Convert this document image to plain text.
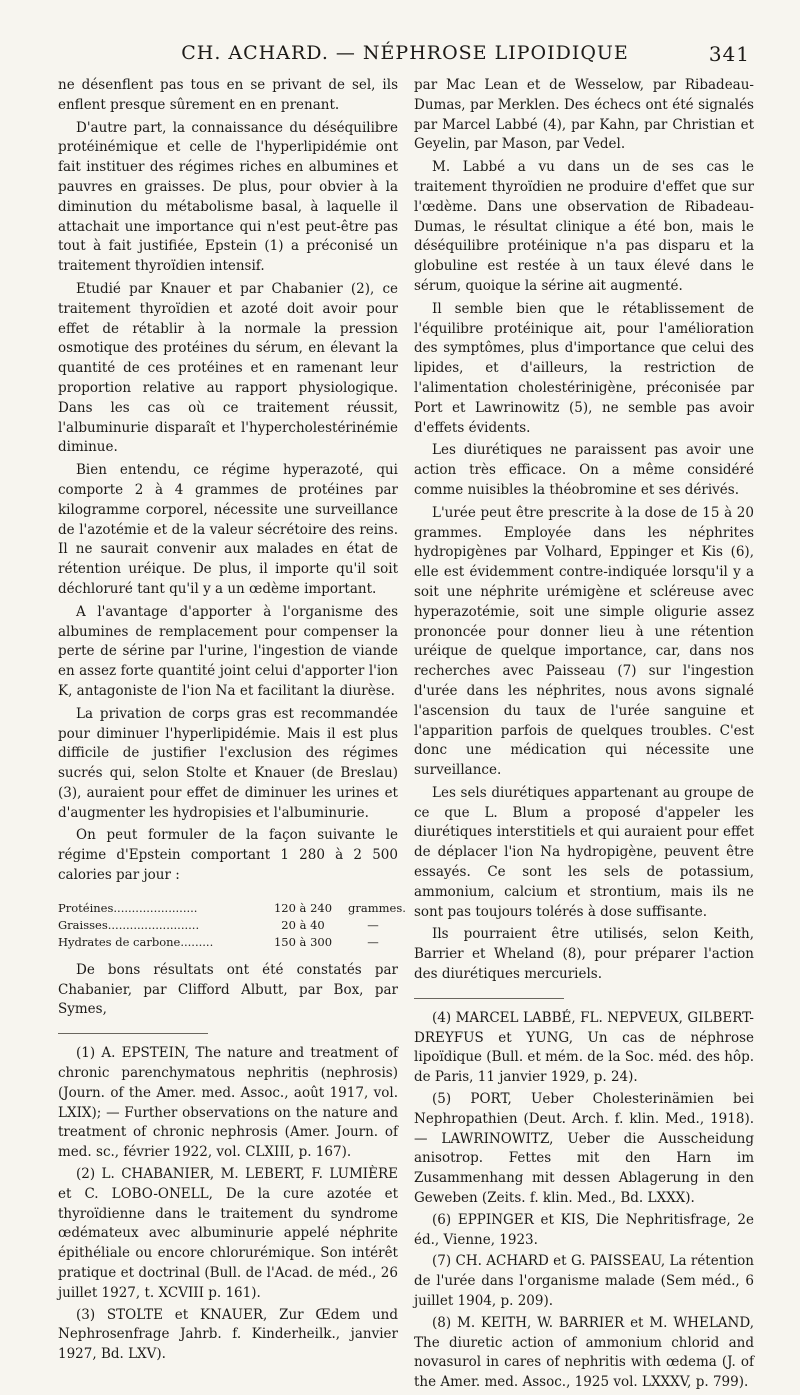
CH. ACHARD. — NÉPHROSE LIPOIDIQUE	341

ne désenflent pas tous en se privant de sel, ils enflent presque sûrement en en prenant.

D'autre part, la connaissance du déséquilibre protéinémique et celle de l'hyperlipidémie ont fait instituer des régimes riches en albumines et pauvres en graisses. De plus, pour obvier à la diminution du métabolisme basal, à laquelle il attachait une importance qui n'est peut-être pas tout à fait justifiée, Epstein (1) a préconisé un traitement thyroïdien intensif.

Etudié par Knauer et par Chabanier (2), ce traitement thyroïdien et azoté doit avoir pour effet de rétablir à la normale la pression osmotique des protéines du sérum, en élevant la quantité de ces protéines et en ramenant leur proportion relative au rapport physiologique. Dans les cas où ce traitement réussit, l'albuminurie disparaît et l'hypercholestérinémie diminue.

Bien entendu, ce régime hyperazoté, qui comporte 2 à 4 grammes de protéines par kilogramme corporel, nécessite une surveillance de l'azotémie et de la valeur sécrétoire des reins. Il ne saurait convenir aux malades en état de rétention uréique. De plus, il importe qu'il soit déchloruré tant qu'il y a un œdème important.

A l'avantage d'apporter à l'organisme des albumines de remplacement pour compenser la perte de sérine par l'urine, l'ingestion de viande en assez forte quantité joint celui d'apporter l'ion K, antagoniste de l'ion Na et facilitant la diurèse.

La privation de corps gras est recommandée pour diminuer l'hyperlipidémie. Mais il est plus difficile de justifier l'exclusion des régimes sucrés qui, selon Stolte et Knauer (de Breslau) (3), auraient pour effet de diminuer les urines et d'augmenter les hydropisies et l'albuminurie.

On peut formuler de la façon suivante le régime d'Epstein comportant 1 280 à 2 500 calories par jour :

Protéines.......................	120 à 240	grammes.
Graisses.........................	20 à 40	—
Hydrates de carbone.........	150 à 300	—

De bons résultats ont été constatés par Chabanier, par Clifford Albutt, par Box, par Symes,

(1) A. EPSTEIN, The nature and treatment of chronic parenchymatous nephritis (nephrosis) (Journ. of the Amer. med. Assoc., août 1917, vol. LXIX); — Further observations on the nature and treatment of chronic nephrosis (Amer. Journ. of med. sc., février 1922, vol. CLXIII, p. 167).

(2) L. CHABANIER, M. LEBERT, F. LUMIÈRE et C. LOBO-ONELL, De la cure azotée et thyroïdienne dans le traitement du syndrome œdémateux avec albuminurie appelé néphrite épithéliale ou encore chlorurémique. Son intérêt pratique et doctrinal (Bull. de l'Acad. de méd., 26 juillet 1927, t. XCVIII p. 161).

(3) STOLTE et KNAUER, Zur Œdem und Nephrosenfrage Jahrb. f. Kinderheilk., janvier 1927, Bd. LXV).

par Mac Lean et de Wesselow, par Ribadeau-Dumas, par Merklen. Des échecs ont été signalés par Marcel Labbé (4), par Kahn, par Christian et Geyelin, par Mason, par Vedel.

M. Labbé a vu dans un de ses cas le traitement thyroïdien ne produire d'effet que sur l'œdème. Dans une observation de Ribadeau-Dumas, le résultat clinique a été bon, mais le déséquilibre protéinique n'a pas disparu et la globuline est restée à un taux élevé dans le sérum, quoique la sérine ait augmenté.

Il semble bien que le rétablissement de l'équilibre protéinique ait, pour l'amélioration des symptômes, plus d'importance que celui des lipides, et d'ailleurs, la restriction de l'alimentation cholestérinigène, préconisée par Port et Lawrinowitz (5), ne semble pas avoir d'effets évidents.

Les diurétiques ne paraissent pas avoir une action très efficace. On a même considéré comme nuisibles la théobromine et ses dérivés.

L'urée peut être prescrite à la dose de 15 à 20 grammes. Employée dans les néphrites hydropigènes par Volhard, Eppinger et Kis (6), elle est évidemment contre-indiquée lorsqu'il y a soit une néphrite urémigène et scléreuse avec hyperazotémie, soit une simple oligurie assez prononcée pour donner lieu à une rétention uréique de quelque importance, car, dans nos recherches avec Paisseau (7) sur l'ingestion d'urée dans les néphrites, nous avons signalé l'ascension du taux de l'urée sanguine et l'apparition parfois de quelques troubles. C'est donc une médication qui nécessite une surveillance.

Les sels diurétiques appartenant au groupe de ce que L. Blum a proposé d'appeler les diurétiques interstitiels et qui auraient pour effet de déplacer l'ion Na hydropigène, peuvent être essayés. Ce sont les sels de potassium, ammonium, calcium et strontium, mais ils ne sont pas toujours tolérés à dose suffisante.

Ils pourraient être utilisés, selon Keith, Barrier et Wheland (8), pour préparer l'action des diurétiques mercuriels.

(4) MARCEL LABBÉ, FL. NEPVEUX, GILBERT-DREYFUS et YUNG, Un cas de néphrose lipoïdique (Bull. et mém. de la Soc. méd. des hôp. de Paris, 11 janvier 1929, p. 24).

(5) PORT, Ueber Cholesterinämien bei Nephropathien (Deut. Arch. f. klin. Med., 1918). — LAWRINOWITZ, Ueber die Ausscheidung anisotrop. Fettes mit den Harn im Zusammenhang mit dessen Ablagerung in den Geweben (Zeits. f. klin. Med., Bd. LXXX).

(6) EPPINGER et KIS, Die Nephritisfrage, 2e éd., Vienne, 1923.

(7) CH. ACHARD et G. PAISSEAU, La rétention de l'urée dans l'organisme malade (Sem méd., 6 juillet 1904, p. 209).

(8) M. KEITH, W. BARRIER et M. WHELAND, The diuretic action of ammonium chlorid and novasurol in cares of nephritis with œdema (J. of the Amer. med. Assoc., 1925 vol. LXXXV, p. 799).
